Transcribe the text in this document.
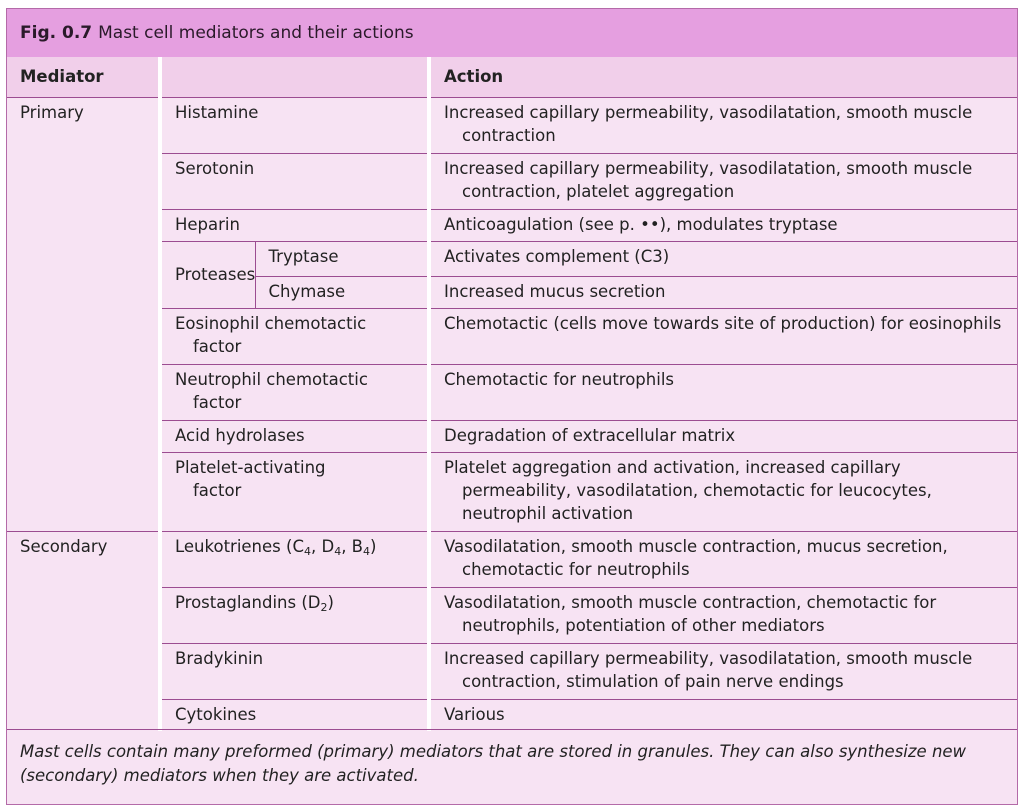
Fig. 0.7 Mast cell mediators and their actions
Mediator			Action
Primary	Histamine		Increased capillary permeability, vasodilatation, smooth muscle contraction

	Serotonin		Increased capillary permeability, vasodilatation, smooth muscle contraction, platelet aggregation

	Heparin		Anticoagulation (see p. ••), modulates tryptase
	Proteases	Tryptase	Activates complement (C3)
		Chymase	Increased mucus secretion

	Eosinophil chemotactic factor		Chemotactic (cells move towards site of production) for eosinophils

	Neutrophil chemotactic factor		Chemotactic for neutrophils
	Acid hydrolases		Degradation of extracellular matrix

	Platelet-activating factor		Platelet aggregation and activation, increased capillary permeability, vasodilatation, chemotactic for leucocytes, neutrophil activation

Secondary	Leukotrienes ($C_4$, $D_4$, $B_4$)		Vasodilatation, smooth muscle contraction, mucus secretion, chemotactic for neutrophils

	Prostaglandins $(D_2)$		Vasodilatation, smooth muscle contraction, chemotactic for neutrophils, potentiation of other mediators

	Bradykinin		Increased capillary permeability, vasodilatation, smooth muscle contraction, stimulation of pain nerve endings

	Cytokines		Various
Mast cells contain many preformed (primary) mediators that are stored in granules. They can also synthesize new (secondary) mediators when they are activated.
